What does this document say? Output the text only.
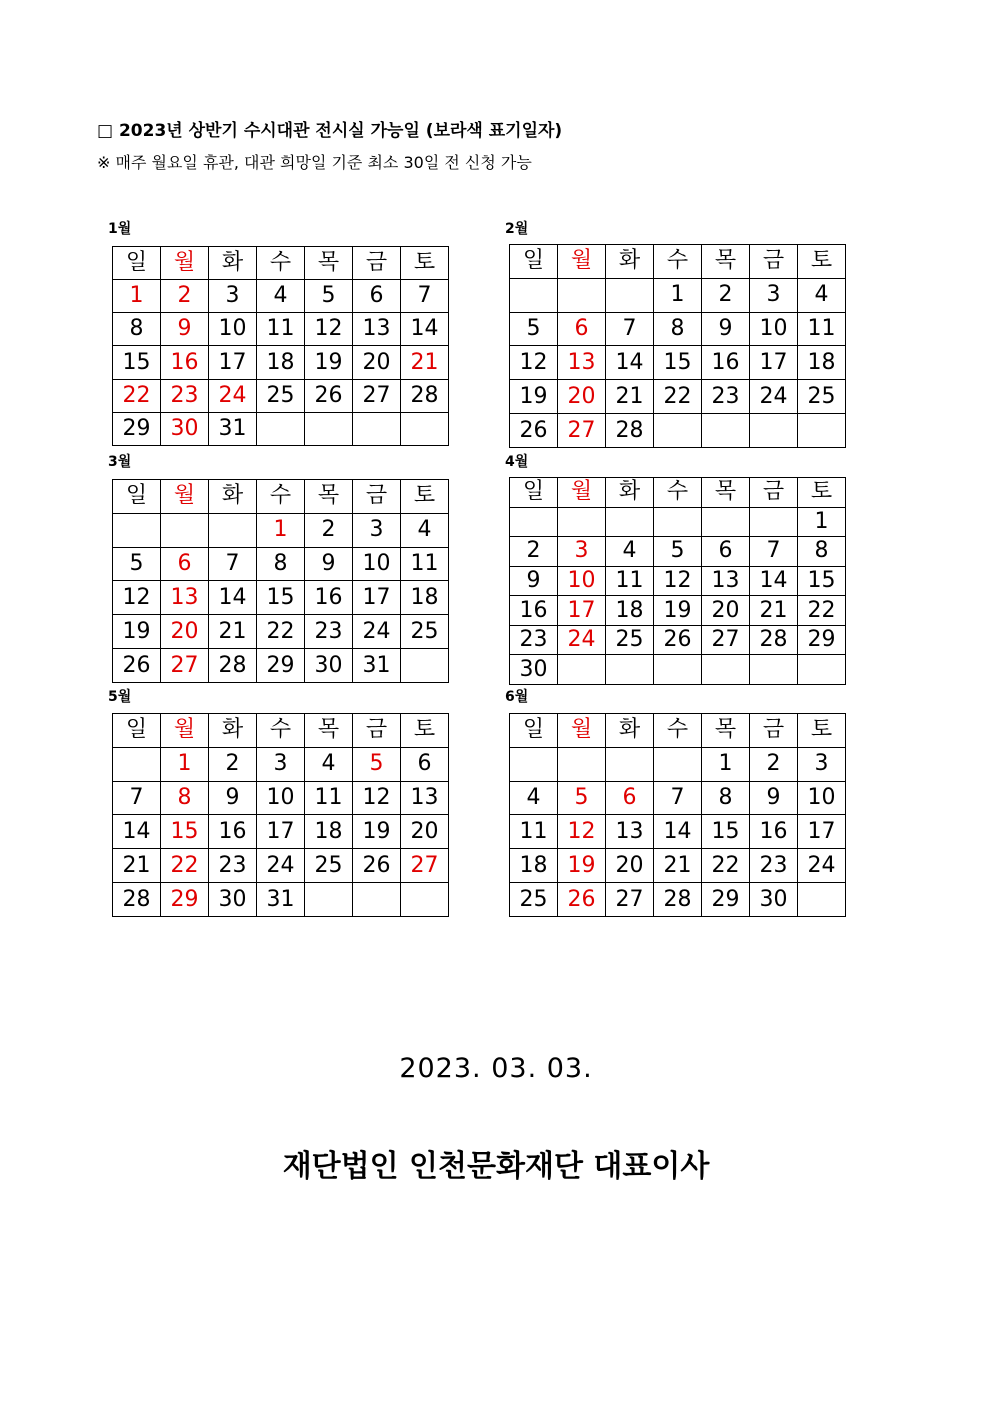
□ 2023년 상반기 수시대관 전시실 가능일 (보라색 표기일자)
※ 매주 월요일 휴관, 대관 희망일 기준 최소 30일 전 신청 가능
1월
일	월	화	수	목	금	토
1	2	3	4	5	6	7
8	9	10	11	12	13	14
15	16	17	18	19	20	21
22	23	24	25	26	27	28
29	30	31				
2월
일	월	화	수	목	금	토
			1	2	3	4
5	6	7	8	9	10	11
12	13	14	15	16	17	18
19	20	21	22	23	24	25
26	27	28				
3월
일	월	화	수	목	금	토
			1	2	3	4
5	6	7	8	9	10	11
12	13	14	15	16	17	18
19	20	21	22	23	24	25
26	27	28	29	30	31	
4월
일	월	화	수	목	금	토
						1
2	3	4	5	6	7	8
9	10	11	12	13	14	15
16	17	18	19	20	21	22
23	24	25	26	27	28	29
30						
5월
일	월	화	수	목	금	토
	1	2	3	4	5	6
7	8	9	10	11	12	13
14	15	16	17	18	19	20
21	22	23	24	25	26	27
28	29	30	31			
6월
일	월	화	수	목	금	토
				1	2	3
4	5	6	7	8	9	10
11	12	13	14	15	16	17
18	19	20	21	22	23	24
25	26	27	28	29	30	
2023. 03. 03.
재단법인 인천문화재단 대표이사
